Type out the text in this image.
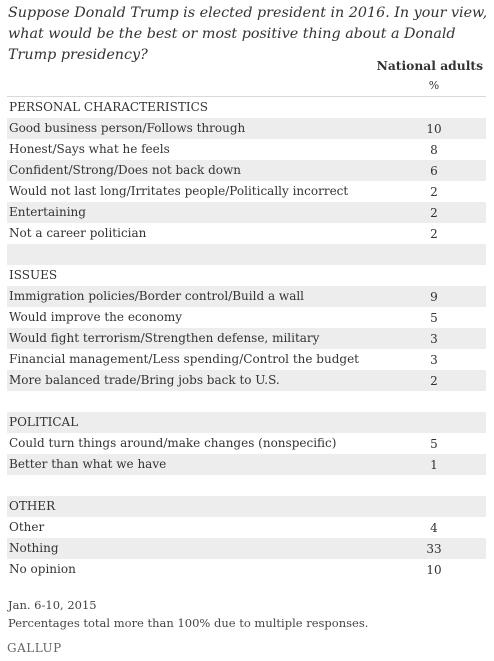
Suppose Donald Trump is elected president in 2016. In your view, what would be the best or most positive thing about a Donald Trump presidency?
National adults
%
PERSONAL CHARACTERISTICS
Good business person/Follows through	10
Honest/Says what he feels	8
Confident/Strong/Does not back down	6
Would not last long/Irritates people/Politically incorrect	2
Entertaining	2
Not a career politician	2
ISSUES
Immigration policies/Border control/Build a wall	9
Would improve the economy	5
Would fight terrorism/Strengthen defense, military	3
Financial management/Less spending/Control the budget	3
More balanced trade/Bring jobs back to U.S.	2
POLITICAL
Could turn things around/make changes (nonspecific)	5
Better than what we have	1
OTHER
Other	4
Nothing	33
No opinion	10
Jan. 6-10, 2015
Percentages total more than 100% due to multiple responses.
GALLUP
